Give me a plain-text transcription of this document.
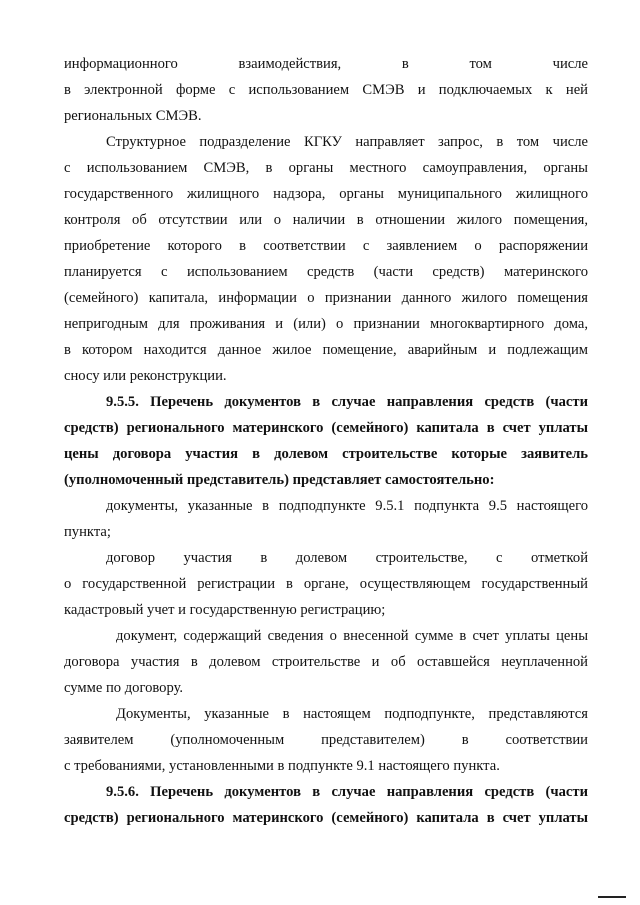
информационного взаимодействия, в том числе
в электронной форме с использованием СМЭВ и подключаемых к ней
региональных СМЭВ.
Структурное подразделение КГКУ направляет запрос, в том числе
с использованием СМЭВ, в органы местного самоуправления, органы
государственного жилищного надзора, органы муниципального жилищного
контроля об отсутствии или о наличии в отношении жилого помещения,
приобретение которого в соответствии с заявлением о распоряжении
планируется с использованием средств (части средств) материнского
(семейного) капитала, информации о признании данного жилого помещения
непригодным для проживания и (или) о признании многоквартирного дома,
в котором находится данное жилое помещение, аварийным и подлежащим
сносу или реконструкции.
9.5.5. Перечень документов в случае направления средств (части
средств) регионального материнского (семейного) капитала в счет уплаты
цены договора участия в долевом строительстве которые заявитель
(уполномоченный представитель) представляет самостоятельно:
документы, указанные в подподпункте 9.5.1 подпункта 9.5 настоящего
пункта;
договор участия в долевом строительстве, с отметкой
о государственной регистрации в органе, осуществляющем государственный
кадастровый учет и государственную регистрацию;
документ, содержащий сведения о внесенной сумме в счет уплаты цены
договора участия в долевом строительстве и об оставшейся неуплаченной
сумме по договору.
Документы, указанные в настоящем подподпункте, представляются
заявителем (уполномоченным представителем) в соответствии
с требованиями, установленными в подпункте 9.1 настоящего пункта.
9.5.6. Перечень документов в случае направления средств (части
средств) регионального материнского (семейного) капитала в счет уплаты
